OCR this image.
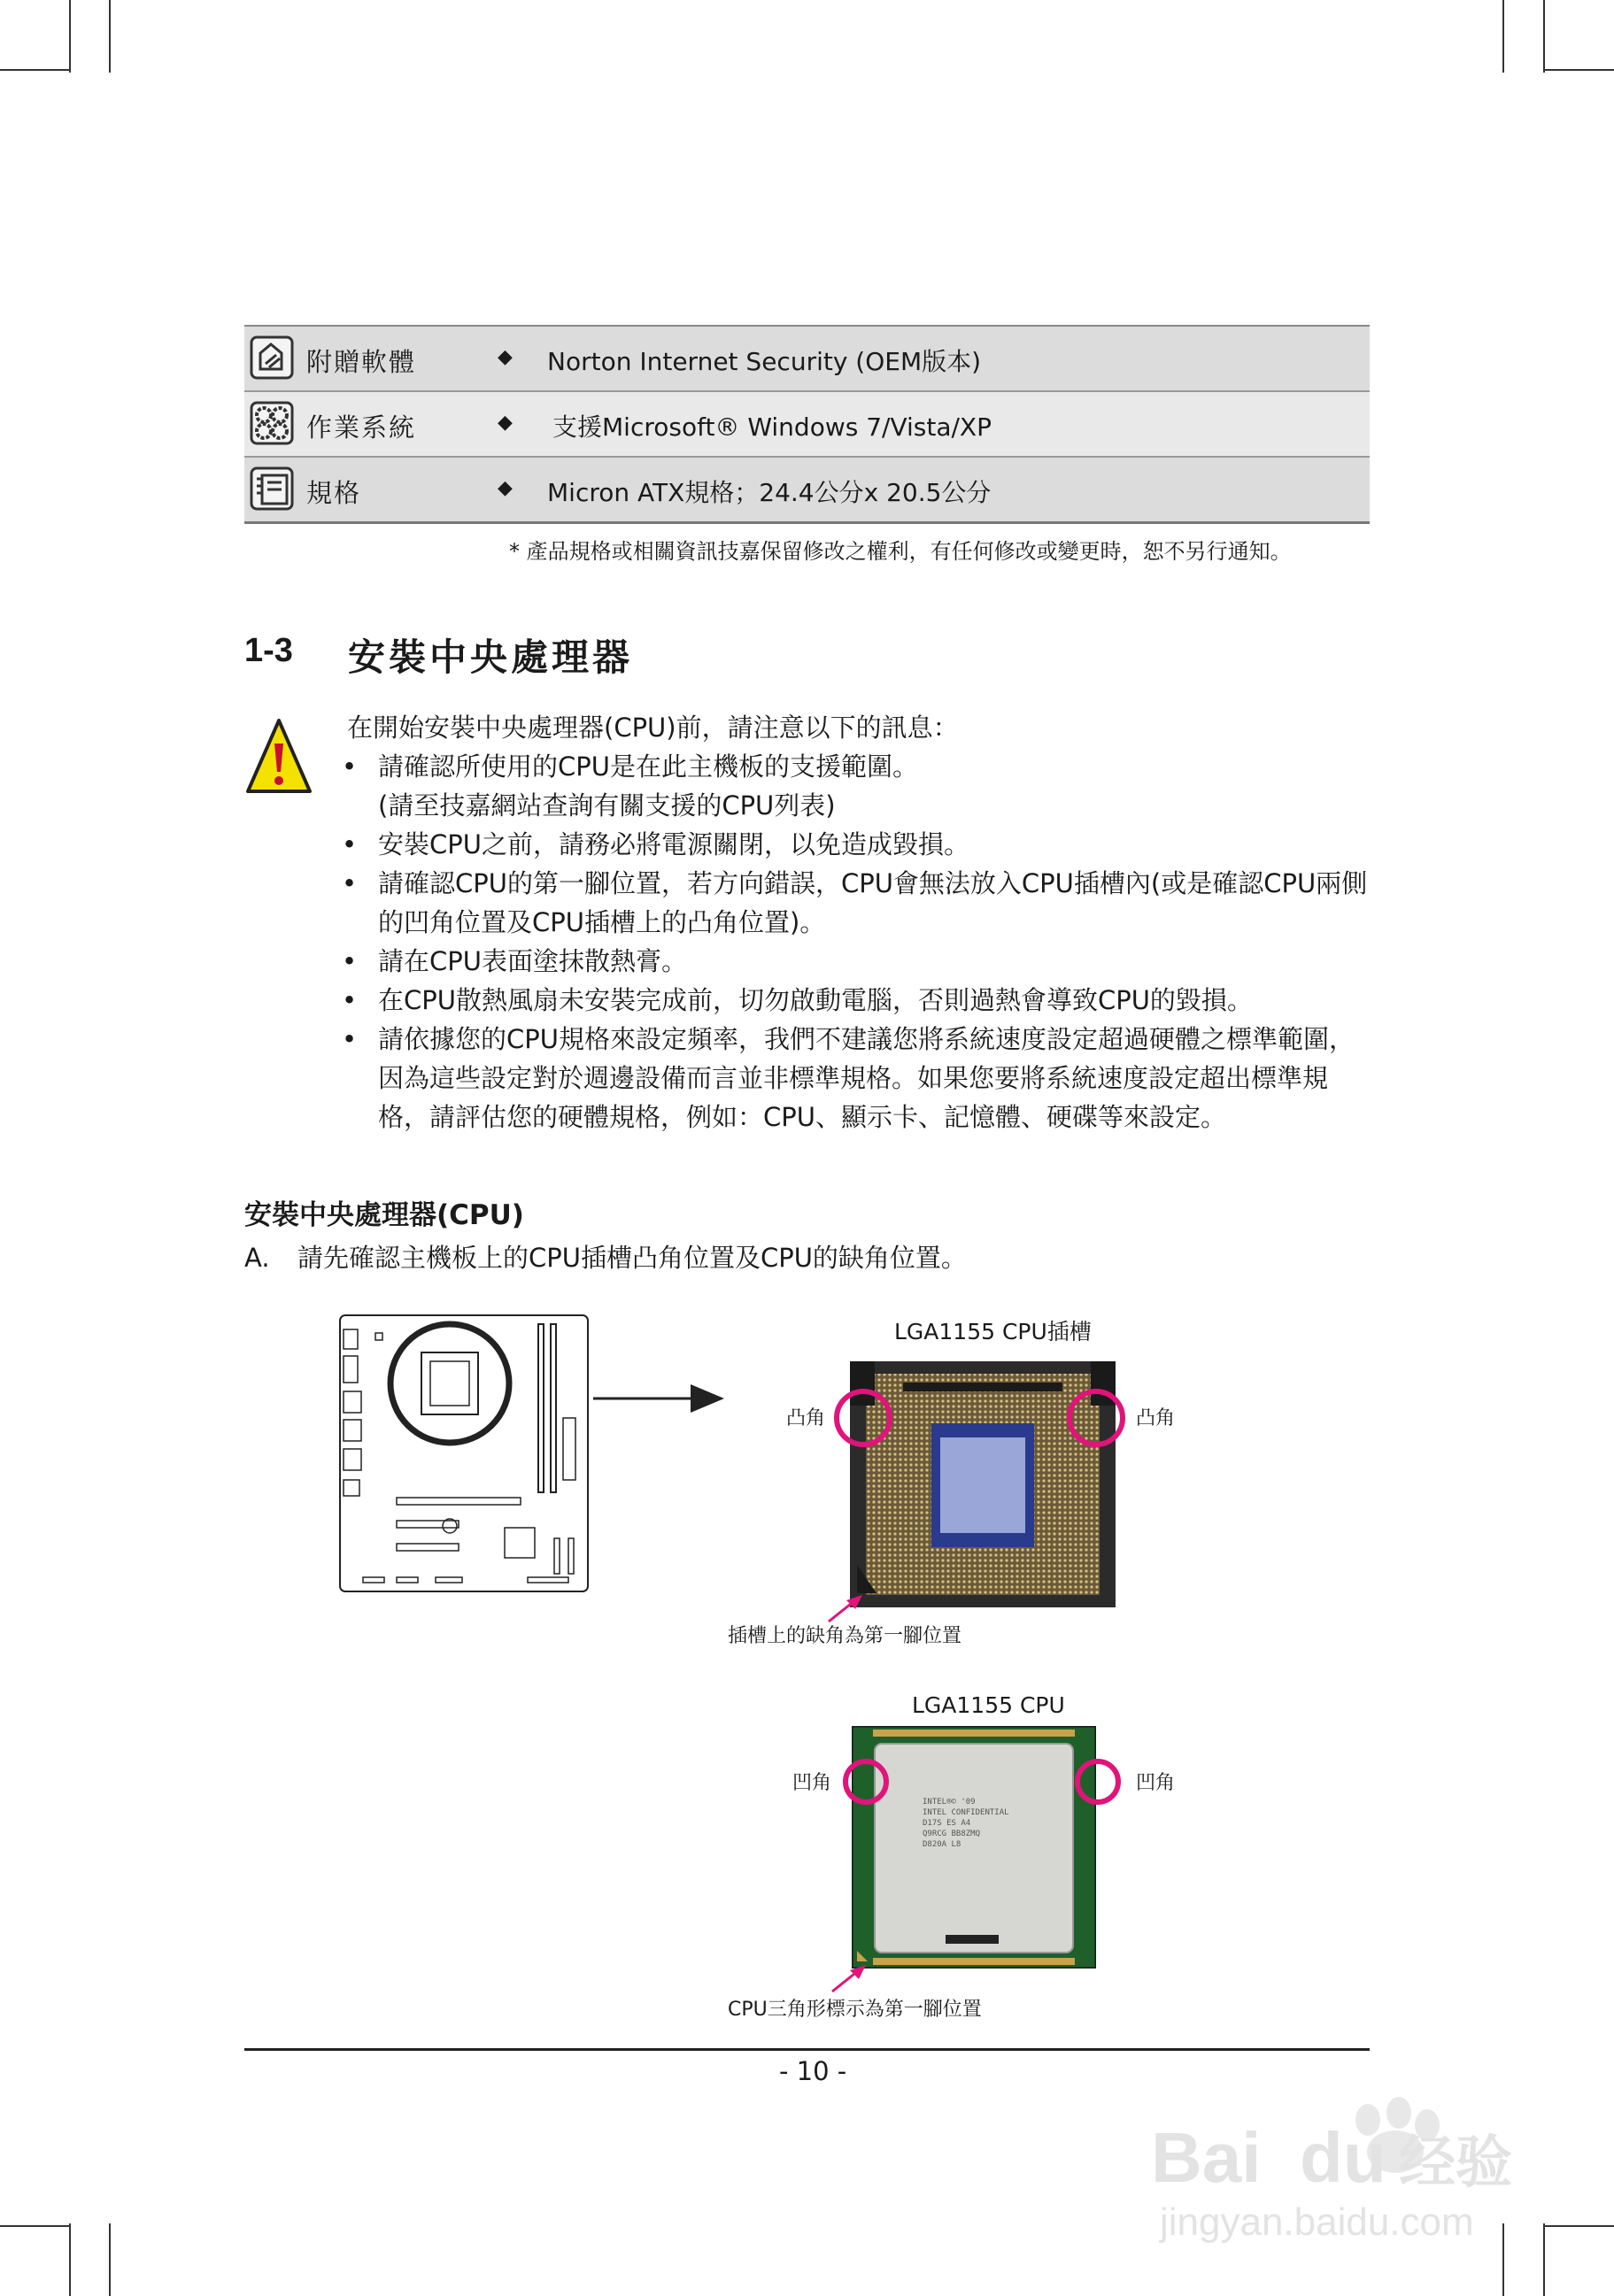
附贈軟體	◆ Norton Internet Security (OEM版本)
作業系統	◆ 支援Microsoft® Windows 7/Vista/XP
規格	◆ Micron ATX規格；24.4公分x 20.5公分
* 產品規格或相關資訊技嘉保留修改之權利，有任何修改或變更時，恕不另行通知。
1-3 安裝中央處理器
在開始安裝中央處理器(CPU)前，請注意以下的訊息：
• 請確認所使用的CPU是在此主機板的支援範圍。
(請至技嘉網站查詢有關支援的CPU列表)
• 安裝CPU之前，請務必將電源關閉，以免造成毀損。
• 請確認CPU的第一腳位置，若方向錯誤，CPU會無法放入CPU插槽內(或是確認CPU兩側的凹角位置及CPU插槽上的凸角位置)。
• 請在CPU表面塗抹散熱膏。
• 在CPU散熱風扇未安裝完成前，切勿啟動電腦，否則過熱會導致CPU的毀損。
• 請依據您的CPU規格來設定頻率，我們不建議您將系統速度設定超過硬體之標準範圍，因為這些設定對於週邊設備而言並非標準規格。如果您要將系統速度設定超出標準規格，請評估您的硬體規格，例如：CPU、顯示卡、記憶體、硬碟等來設定。
安裝中央處理器(CPU)
A. 請先確認主機板上的CPU插槽凸角位置及CPU的缺角位置。
LGA1155 CPU插槽
凸角	凸角
插槽上的缺角為第一腳位置
LGA1155 CPU
INTEL®© '09
INTEL CONFIDENTIAL
D17S ES A4
Q9RCG BB8ZMQ
D820A L8
凹角	凹角
CPU三角形標示為第一腳位置
- 10 -
Bai du 经验
jingyan.baidu.com
